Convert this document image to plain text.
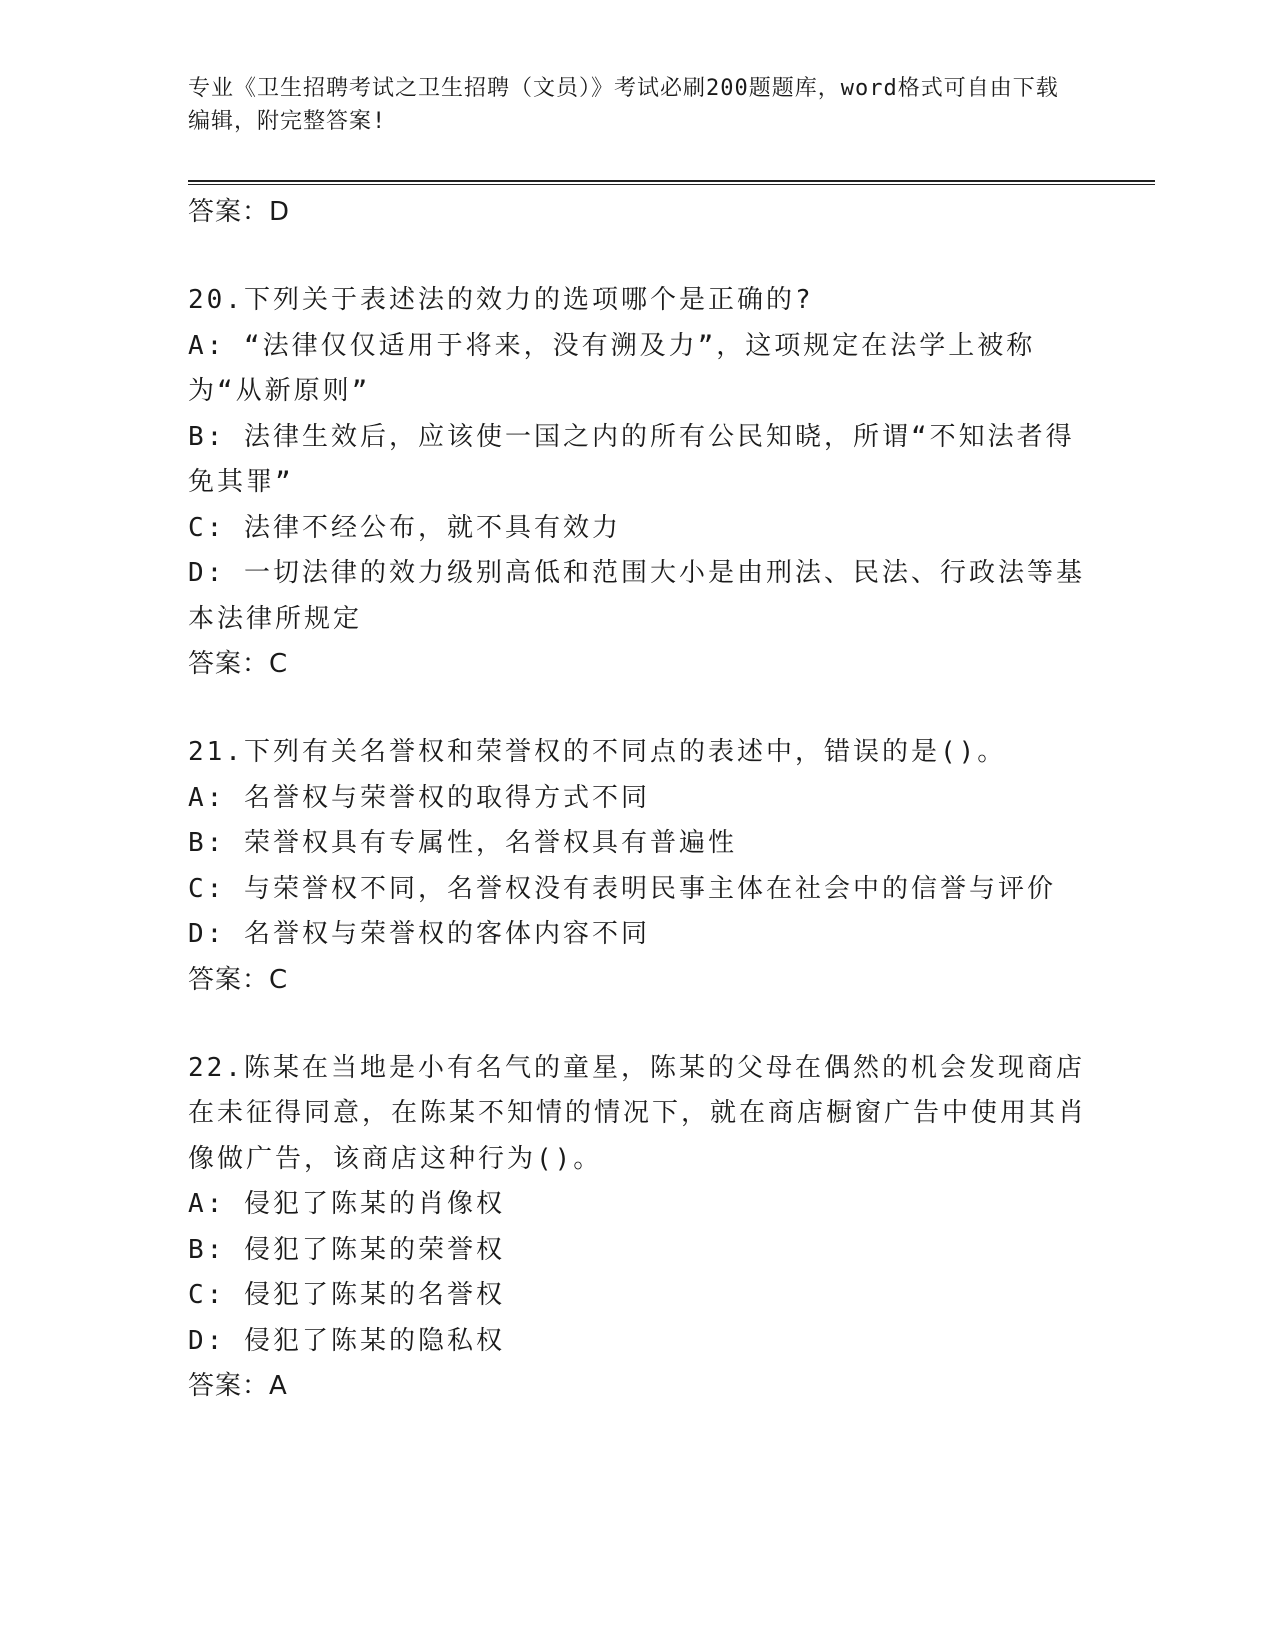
专业《卫生招聘考试之卫生招聘（文员）》考试必刷200题题库，word格式可自由下载编辑，附完整答案!

答案：D

20.下列关于表述法的效力的选项哪个是正确的?

A: “法律仅仅适用于将来，没有溯及力”，这项规定在法学上被称为“从新原则”

B: 法律生效后，应该使一国之内的所有公民知晓，所谓“不知法者得免其罪”

C: 法律不经公布，就不具有效力

D: 一切法律的效力级别高低和范围大小是由刑法、民法、行政法等基本法律所规定

答案：C

21.下列有关名誉权和荣誉权的不同点的表述中，错误的是()。

A: 名誉权与荣誉权的取得方式不同

B: 荣誉权具有专属性，名誉权具有普遍性

C: 与荣誉权不同，名誉权没有表明民事主体在社会中的信誉与评价

D: 名誉权与荣誉权的客体内容不同

答案：C

22.陈某在当地是小有名气的童星，陈某的父母在偶然的机会发现商店在未征得同意，在陈某不知情的情况下，就在商店橱窗广告中使用其肖像做广告，该商店这种行为()。

A: 侵犯了陈某的肖像权

B: 侵犯了陈某的荣誉权

C: 侵犯了陈某的名誉权

D: 侵犯了陈某的隐私权

答案：A
